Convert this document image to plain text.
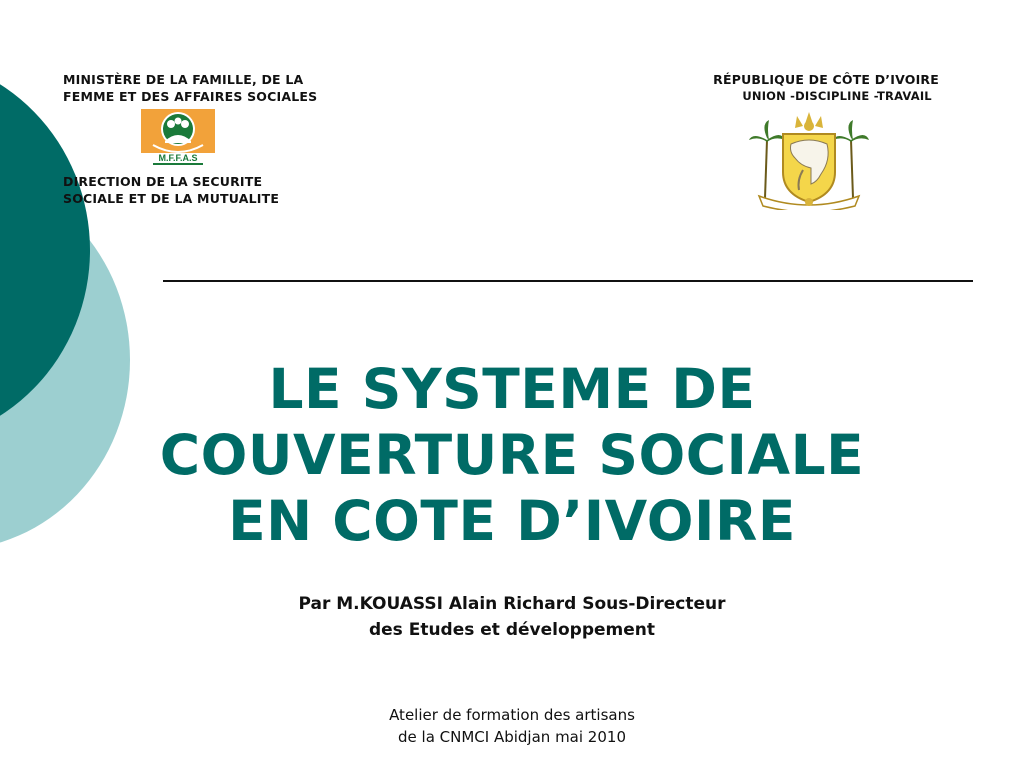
MINISTÈRE DE LA FAMILLE, DE LA
FEMME ET DES AFFAIRES SOCIALES
M.F.F.A.S
DIRECTION DE LA SECURITE
SOCIALE ET DE LA MUTUALITE
RÉPUBLIQUE DE CÔTE D’IVOIRE
UNION -DISCIPLINE -TRAVAIL
LE SYSTEME DE
COUVERTURE SOCIALE
EN COTE D’IVOIRE
Par M.KOUASSI Alain Richard Sous-Directeur
des Etudes et développement
Atelier de formation des artisans
de la CNMCI Abidjan mai 2010
